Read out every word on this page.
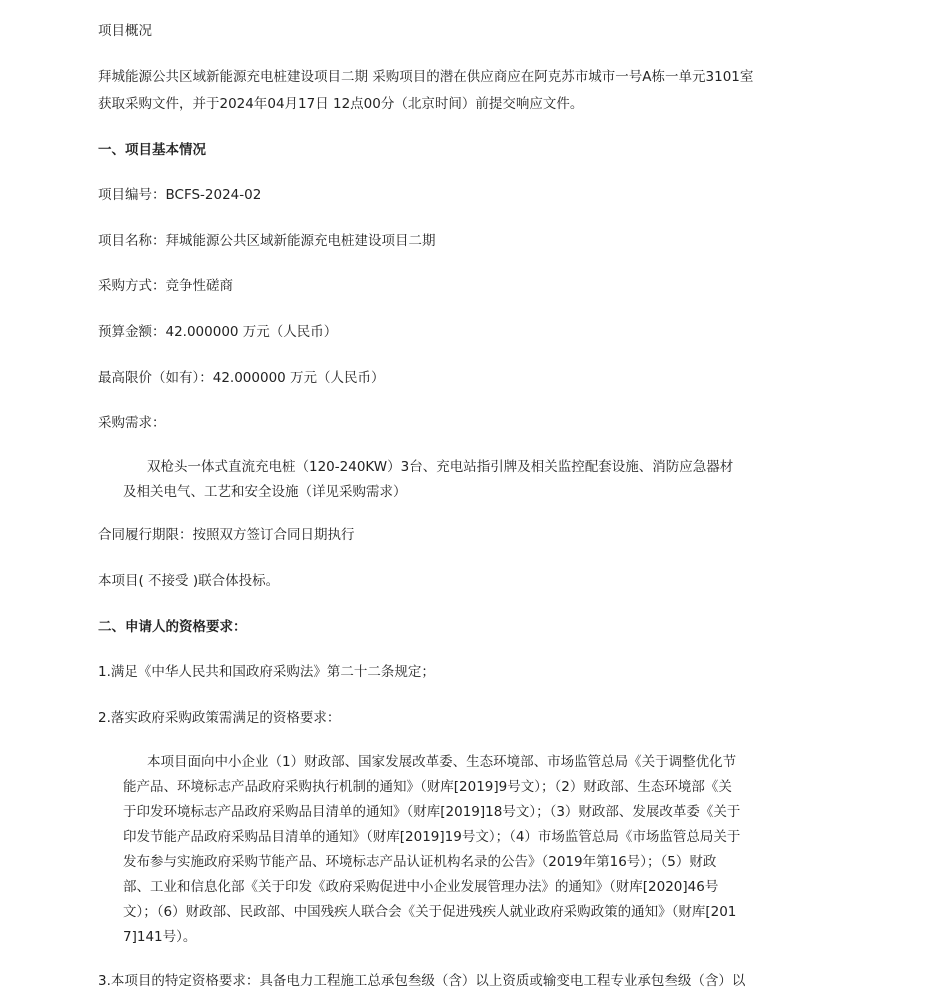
项目概况
拜城能源公共区域新能源充电桩建设项目二期 采购项目的潜在供应商应在阿克苏市城市一号A栋一单元3101室
获取采购文件，并于2024年04月17日 12点00分（北京时间）前提交响应文件。
一、项目基本情况
项目编号：BCFS-2024-02
项目名称：拜城能源公共区域新能源充电桩建设项目二期
采购方式：竞争性磋商
预算金额：42.000000 万元（人民币）
最高限价（如有）：42.000000 万元（人民币）
采购需求：
双枪头一体式直流充电桩（120-240KW）3台、充电站指引牌及相关监控配套设施、消防应急器材及相关电气、工艺和安全设施（详见采购需求）
合同履行期限：按照双方签订合同日期执行
本项目( 不接受 )联合体投标。
二、申请人的资格要求：
1.满足《中华人民共和国政府采购法》第二十二条规定；
2.落实政府采购政策需满足的资格要求：
本项目面向中小企业（1）财政部、国家发展改革委、生态环境部、市场监管总局《关于调整优化节能产品、环境标志产品政府采购执行机制的通知》（财库[2019]9号文）；（2）财政部、生态环境部《关于印发环境标志产品政府采购品目清单的通知》（财库[2019]18号文）；（3）财政部、发展改革委《关于印发节能产品政府采购品目清单的通知》（财库[2019]19号文）；（4）市场监管总局《市场监管总局关于发布参与实施政府采购节能产品、环境标志产品认证机构名录的公告》（2019年第16号）；（5）财政部、工业和信息化部《关于印发《政府采购促进中小企业发展管理办法》的通知》（财库[2020]46号文）；（6）财政部、民政部、中国残疾人联合会《关于促进残疾人就业政府采购政策的通知》（财库[2017]141号）。
3.本项目的特定资格要求：具备电力工程施工总承包叁级（含）以上资质或输变电工程专业承包叁级（含）以
